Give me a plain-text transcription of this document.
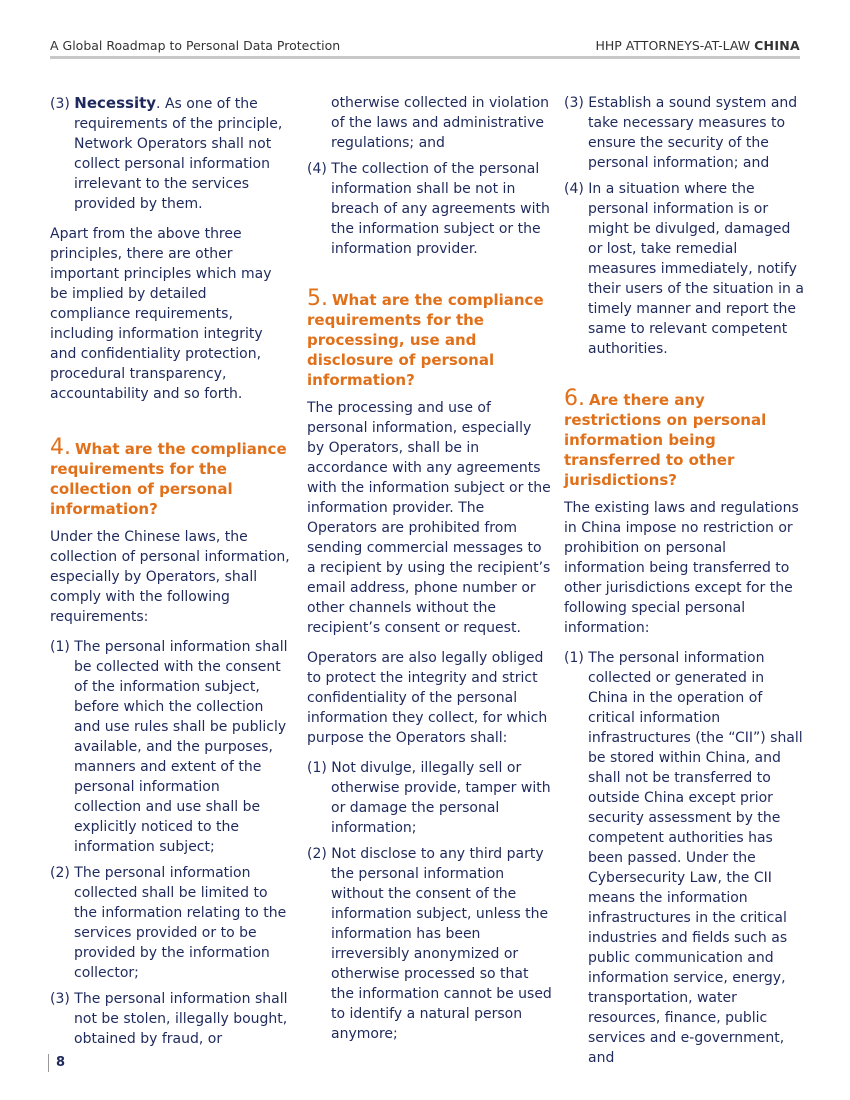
A Global Roadmap to Personal Data Protection	HHP ATTORNEYS-AT-LAW CHINA
(3) Necessity. As one of the requirements of the principle, Network Operators shall not collect personal information irrelevant to the services provided by them.

Apart from the above three principles, there are other important principles which may be implied by detailed compliance requirements, including information integrity and confidentiality protection, procedural transparency, accountability and so forth.

4. What are the compliance requirements for the collection of personal information?

Under the Chinese laws, the collection of personal information, especially by Operators, shall comply with the following requirements:

(1) The personal information shall be collected with the consent of the information subject, before which the collection and use rules shall be publicly available, and the purposes, manners and extent of the personal information collection and use shall be explicitly noticed to the information subject;
(2) The personal information collected shall be limited to the information relating to the services provided or to be provided by the information collector;
(3) The personal information shall not be stolen, illegally bought, obtained by fraud, or
otherwise collected in violation of the laws and administrative regulations; and
(4) The collection of the personal information shall be not in breach of any agreements with the information subject or the information provider.
5. What are the compliance requirements for the processing, use and disclosure of personal information?

The processing and use of personal information, especially by Operators, shall be in accordance with any agreements with the information subject or the information provider. The Operators are prohibited from sending commercial messages to a recipient by using the recipient’s email address, phone number or other channels without the recipient’s consent or request.

Operators are also legally obliged to protect the integrity and strict confidentiality of the personal information they collect, for which purpose the Operators shall:

(1) Not divulge, illegally sell or otherwise provide, tamper with or damage the personal information;
(2) Not disclose to any third party the personal information without the consent of the information subject, unless the information has been irreversibly anonymized or otherwise processed so that the information cannot be used to identify a natural person anymore;
(3) Establish a sound system and take necessary measures to ensure the security of the personal information; and
(4) In a situation where the personal information is or might be divulged, damaged or lost, take remedial measures immediately, notify their users of the situation in a timely manner and report the same to relevant competent authorities.
6. Are there any restrictions on personal information being transferred to other jurisdictions?

The existing laws and regulations in China impose no restriction or prohibition on personal information being transferred to other jurisdictions except for the following special personal information:

(1) The personal information collected or generated in China in the operation of critical information infrastructures (the “CII”) shall be stored within China, and shall not be transferred to outside China except prior security assessment by the competent authorities has been passed. Under the Cybersecurity Law, the CII means the information infrastructures in the critical industries and fields such as public communication and information service, energy, transportation, water resources, finance, public services and e-government, and
8
